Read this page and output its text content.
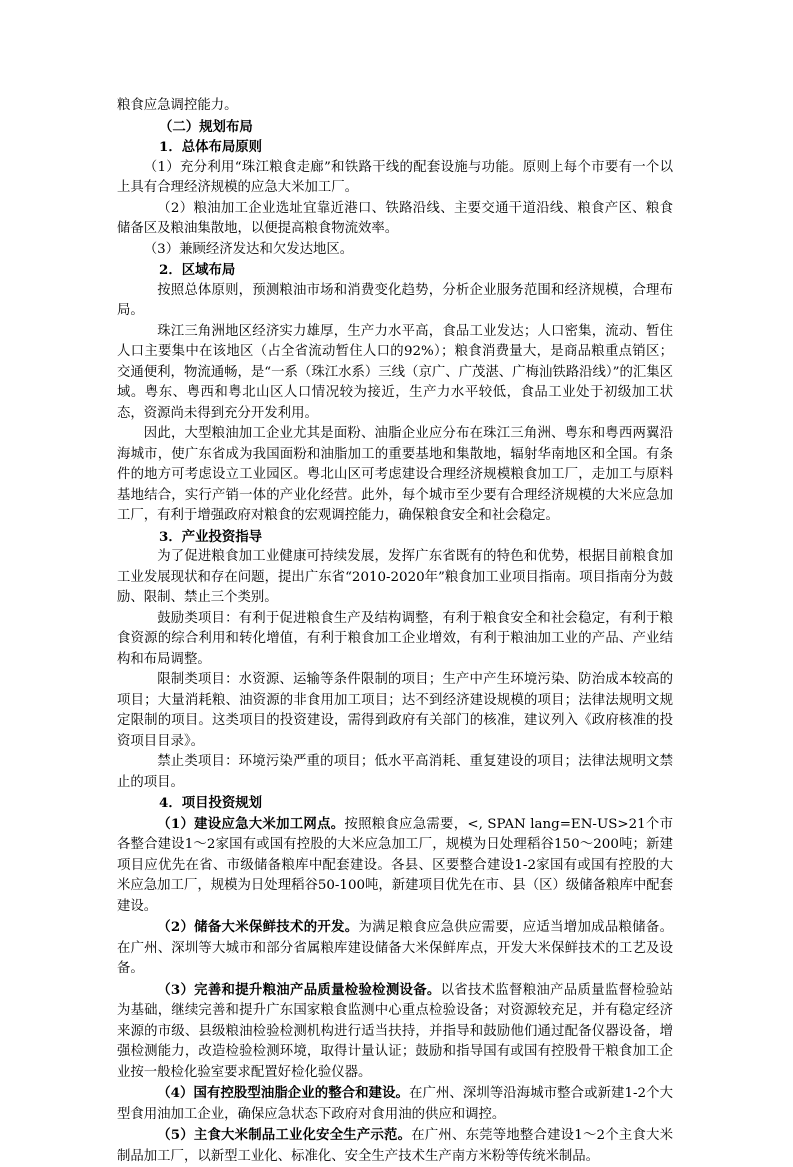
粮食应急调控能力。

（二）规划布局

1．总体布局原则

（1）充分利用“珠江粮食走廊”和铁路干线的配套设施与功能。原则上每个市要有一个以上具有合理经济规模的应急大米加工厂。

（2）粮油加工企业选址宜靠近港口、铁路沿线、主要交通干道沿线、粮食产区、粮食储备区及粮油集散地，以便提高粮食物流效率。

（3）兼顾经济发达和欠发达地区。

2．区域布局

按照总体原则，预测粮油市场和消费变化趋势，分析企业服务范围和经济规模，合理布局。

珠江三角洲地区经济实力雄厚，生产力水平高，食品工业发达；人口密集，流动、暂住人口主要集中在该地区（占全省流动暂住人口的92%）；粮食消费量大，是商品粮重点销区；交通便利，物流通畅，是“一系（珠江水系）三线（京广、广茂湛、广梅汕铁路沿线）”的汇集区域。粤东、粤西和粤北山区人口情况较为接近，生产力水平较低，食品工业处于初级加工状态，资源尚未得到充分开发利用。

因此，大型粮油加工企业尤其是面粉、油脂企业应分布在珠江三角洲、粤东和粤西两翼沿海城市，使广东省成为我国面粉和油脂加工的重要基地和集散地，辐射华南地区和全国。有条件的地方可考虑设立工业园区。粤北山区可考虑建设合理经济规模粮食加工厂，走加工与原料基地结合，实行产销一体的产业化经营。此外，每个城市至少要有合理经济规模的大米应急加工厂，有利于增强政府对粮食的宏观调控能力，确保粮食安全和社会稳定。

3．产业投资指导

为了促进粮食加工业健康可持续发展，发挥广东省既有的特色和优势，根据目前粮食加工业发展现状和存在问题，提出广东省“2010-2020年”粮食加工业项目指南。项目指南分为鼓励、限制、禁止三个类别。

鼓励类项目：有利于促进粮食生产及结构调整，有利于粮食安全和社会稳定，有利于粮食资源的综合利用和转化增值，有利于粮食加工企业增效，有利于粮油加工业的产品、产业结构和布局调整。

限制类项目：水资源、运输等条件限制的项目；生产中产生环境污染、防治成本较高的项目；大量消耗粮、油资源的非食用加工项目；达不到经济建设规模的项目；法律法规明文规定限制的项目。这类项目的投资建设，需得到政府有关部门的核准，建议列入《政府核准的投资项目目录》。

禁止类项目：环境污染严重的项目；低水平高消耗、重复建设的项目；法律法规明文禁止的项目。

4．项目投资规划

（1）建设应急大米加工网点。按照粮食应急需要，<, SPAN lang=EN-US>21个市各整合建设1～2家国有或国有控股的大米应急加工厂，规模为日处理稻谷150～200吨；新建项目应优先在省、市级储备粮库中配套建设。各县、区要整合建设1-2家国有或国有控股的大米应急加工厂，规模为日处理稻谷50-100吨，新建项目优先在市、县（区）级储备粮库中配套建设。

（2）储备大米保鲜技术的开发。为满足粮食应急供应需要，应适当增加成品粮储备。在广州、深圳等大城市和部分省属粮库建设储备大米保鲜库点，开发大米保鲜技术的工艺及设备。

（3）完善和提升粮油产品质量检验检测设备。以省技术监督粮油产品质量监督检验站为基础，继续完善和提升广东国家粮食监测中心重点检验设备；对资源较充足，并有稳定经济来源的市级、县级粮油检验检测机构进行适当扶持，并指导和鼓励他们通过配备仪器设备，增强检测能力，改造检验检测环境，取得计量认证；鼓励和指导国有或国有控股骨干粮食加工企业按一般检化验室要求配置好检化验仪器。

（4）国有控股型油脂企业的整合和建设。在广州、深圳等沿海城市整合或新建1-2个大型食用油加工企业，确保应急状态下政府对食用油的供应和调控。

（5）主食大米制品工业化安全生产示范。在广州、东莞等地整合建设1～2个主食大米制品加工厂，以新型工业化、标准化、安全生产技术生产南方米粉等传统米制品。
